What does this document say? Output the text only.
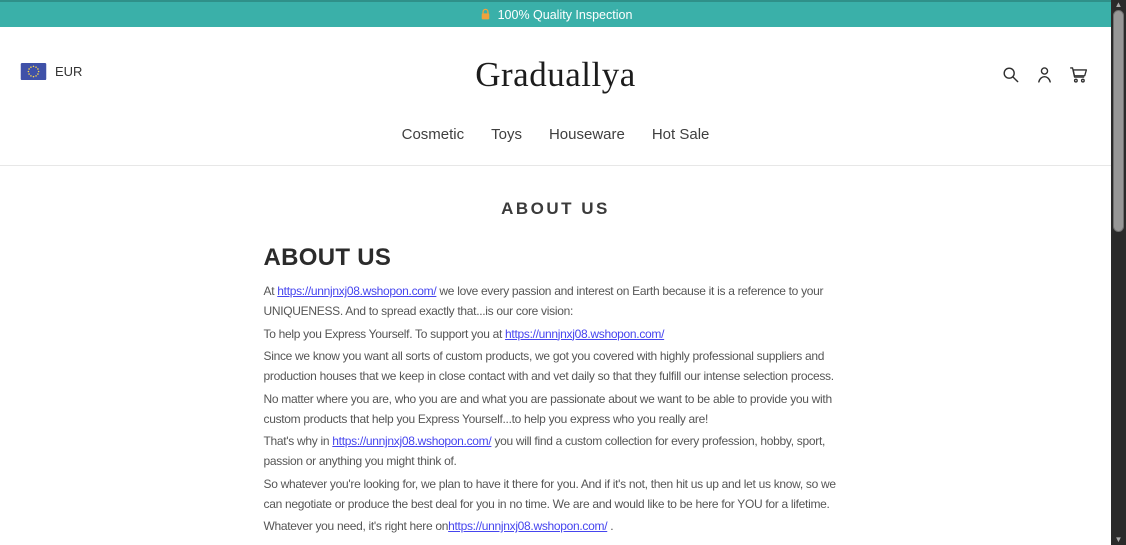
100% Quality Inspection
EUR	Graduallya
Cosmetic Toys Houseware Hot Sale
ABOUT US
ABOUT US

At https://unnjnxj08.wshopon.com/ we love every passion and interest on Earth because it is a reference to your UNIQUENESS. And to spread exactly that...is our core vision:

To help you Express Yourself. To support you at https://unnjnxj08.wshopon.com/

Since we know you want all sorts of custom products, we got you covered with highly professional suppliers and production houses that we keep in close contact with and vet daily so that they fulfill our intense selection process.

No matter where you are, who you are and what you are passionate about we want to be able to provide you with custom products that help you Express Yourself...to help you express who you really are!

That's why in https://unnjnxj08.wshopon.com/ you will find a custom collection for every profession, hobby, sport, passion or anything you might think of.

So whatever you're looking for, we plan to have it there for you. And if it's not, then hit us up and let us know, so we can negotiate or produce the best deal for you in no time. We are and would like to be here for YOU for a lifetime.

Whatever you need, it's right here onhttps://unnjnxj08.wshopon.com/ .

▲
▼
